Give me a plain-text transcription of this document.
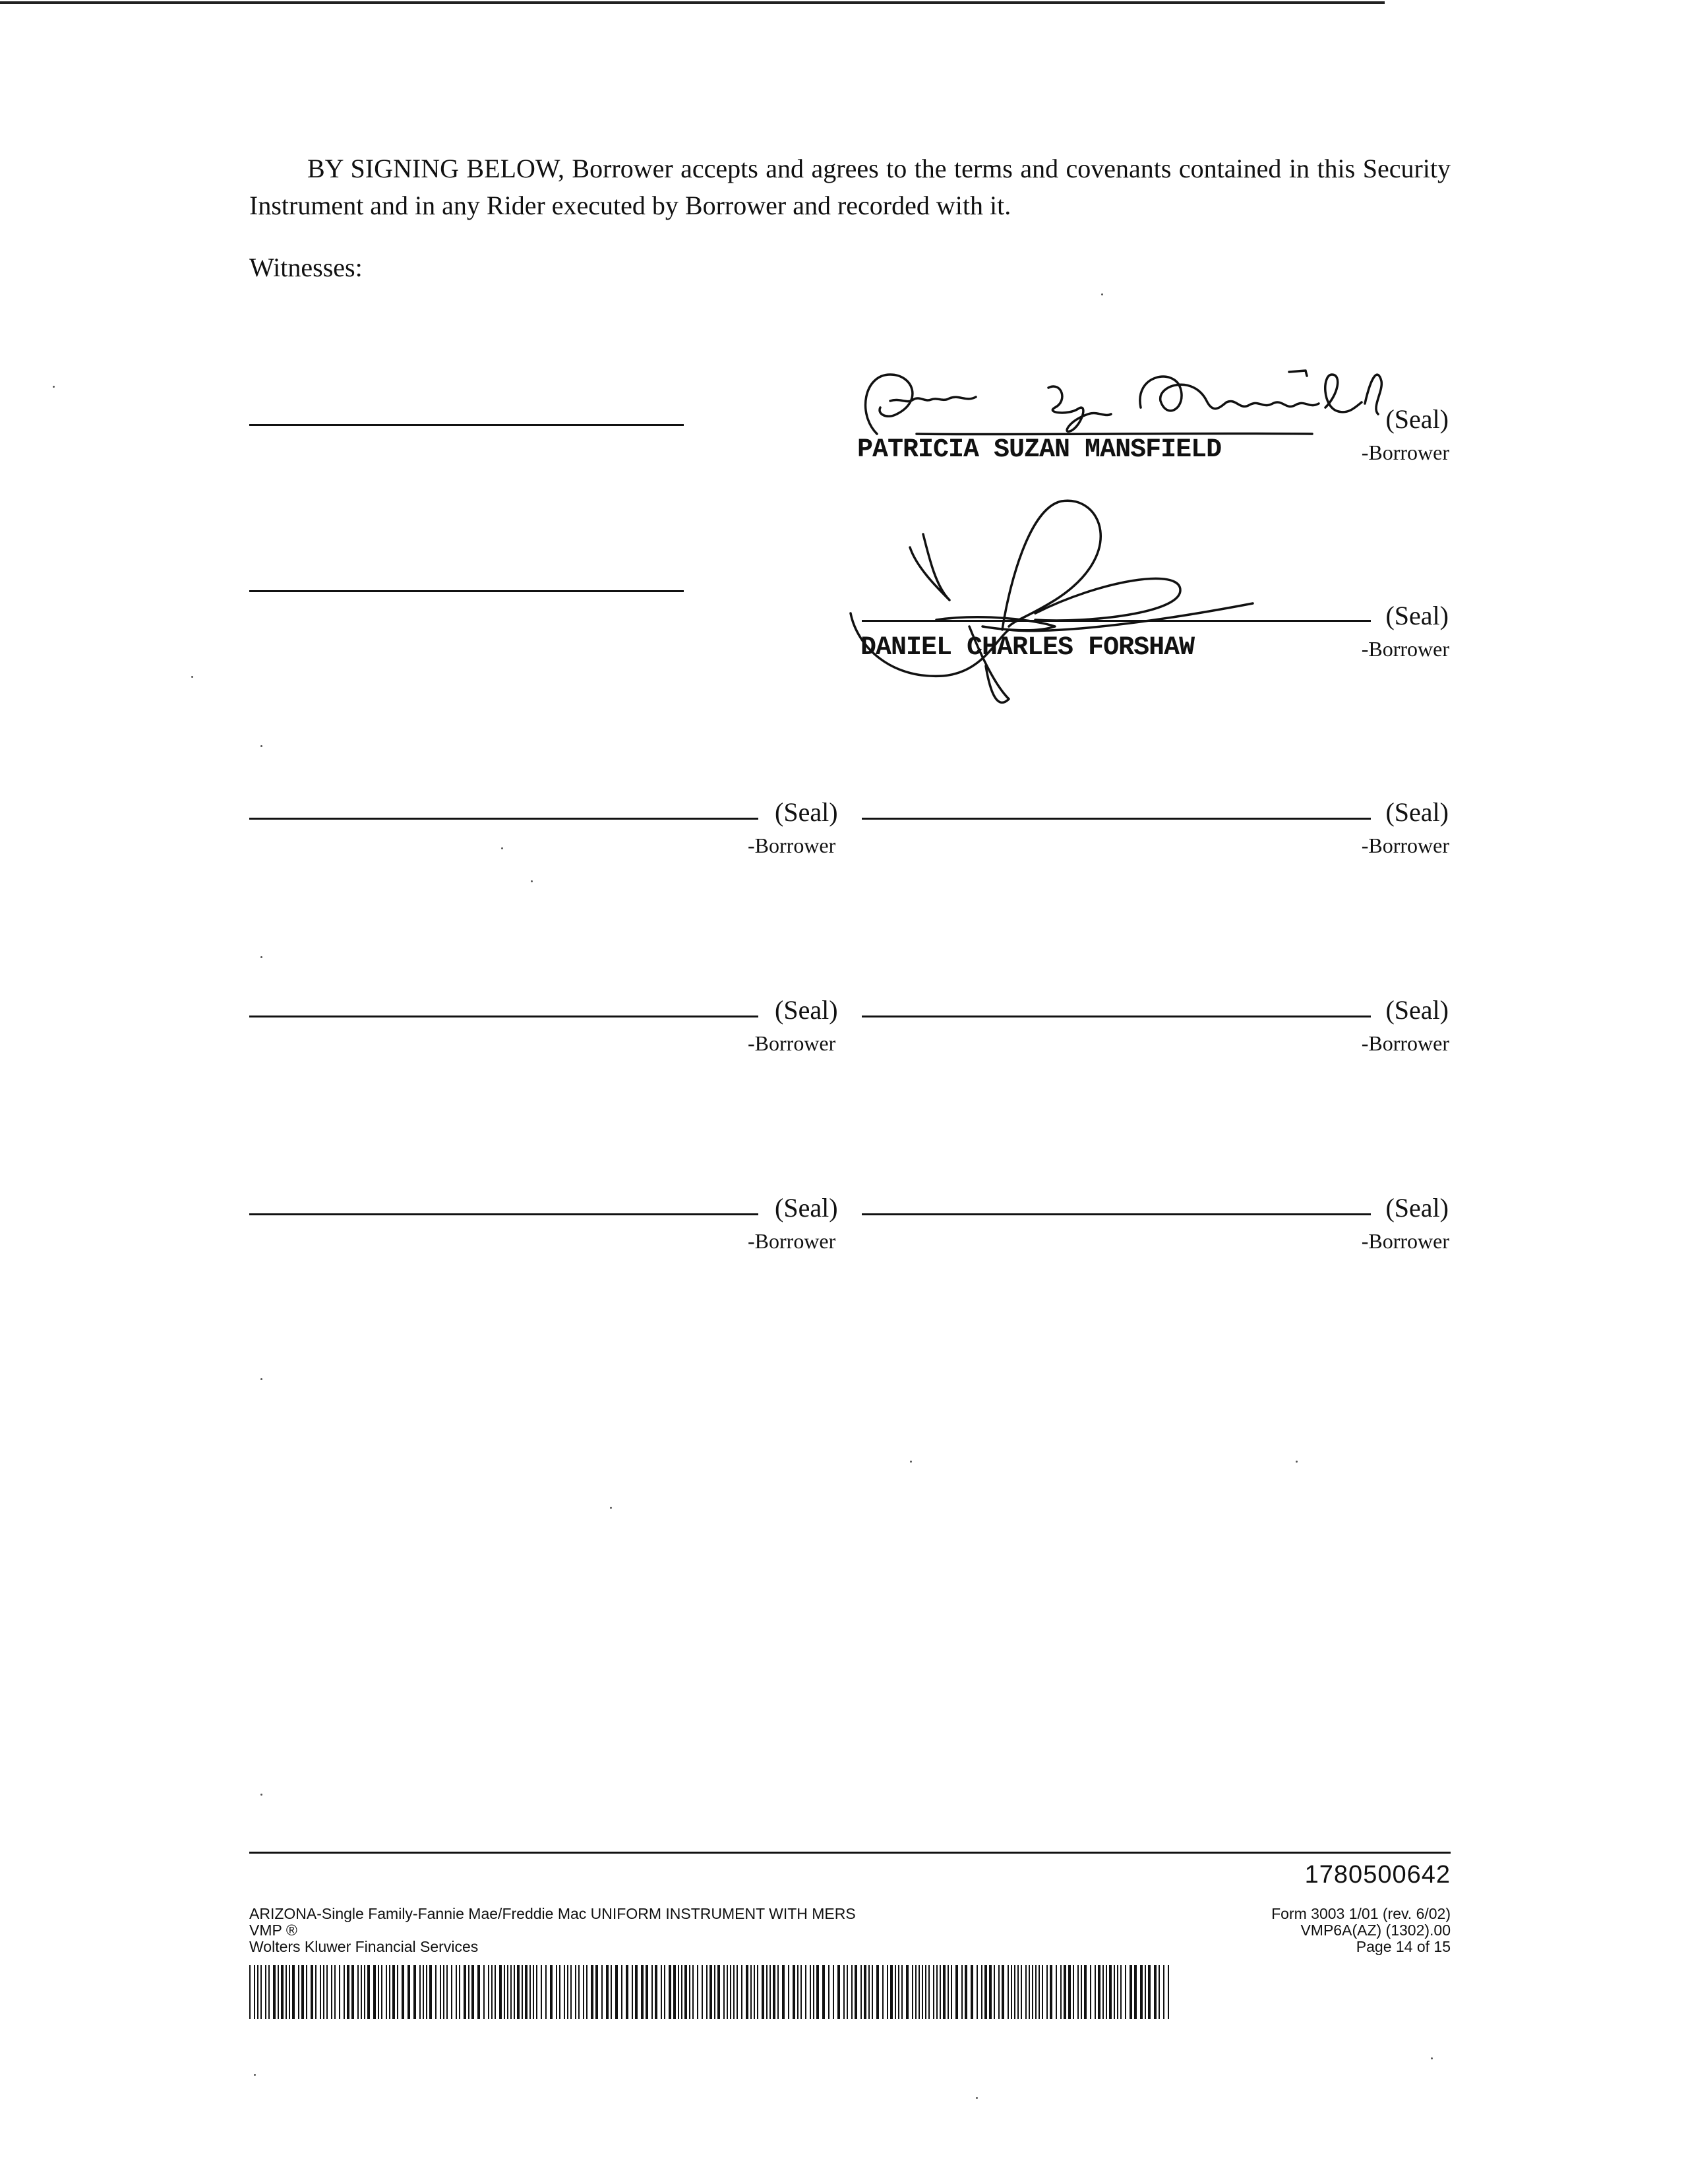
BY SIGNING BELOW, Borrower accepts and agrees to the terms and covenants contained in this Security Instrument and in any Rider executed by Borrower and recorded with it.
Witnesses:
(Seal)
PATRICIA SUZAN MANSFIELD	-Borrower
(Seal)
DANIEL CHARLES FORSHAW	-Borrower
(Seal)
-Borrower
(Seal)
-Borrower
(Seal)
-Borrower
(Seal)
-Borrower
(Seal)
-Borrower
(Seal)
-Borrower
1780500642
ARIZONA-Single Family-Fannie Mae/Freddie Mac UNIFORM INSTRUMENT WITH MERS
VMP ®
Wolters Kluwer Financial Services
Form 3003 1/01 (rev. 6/02)
VMP6A(AZ) (1302).00
Page 14 of 15
